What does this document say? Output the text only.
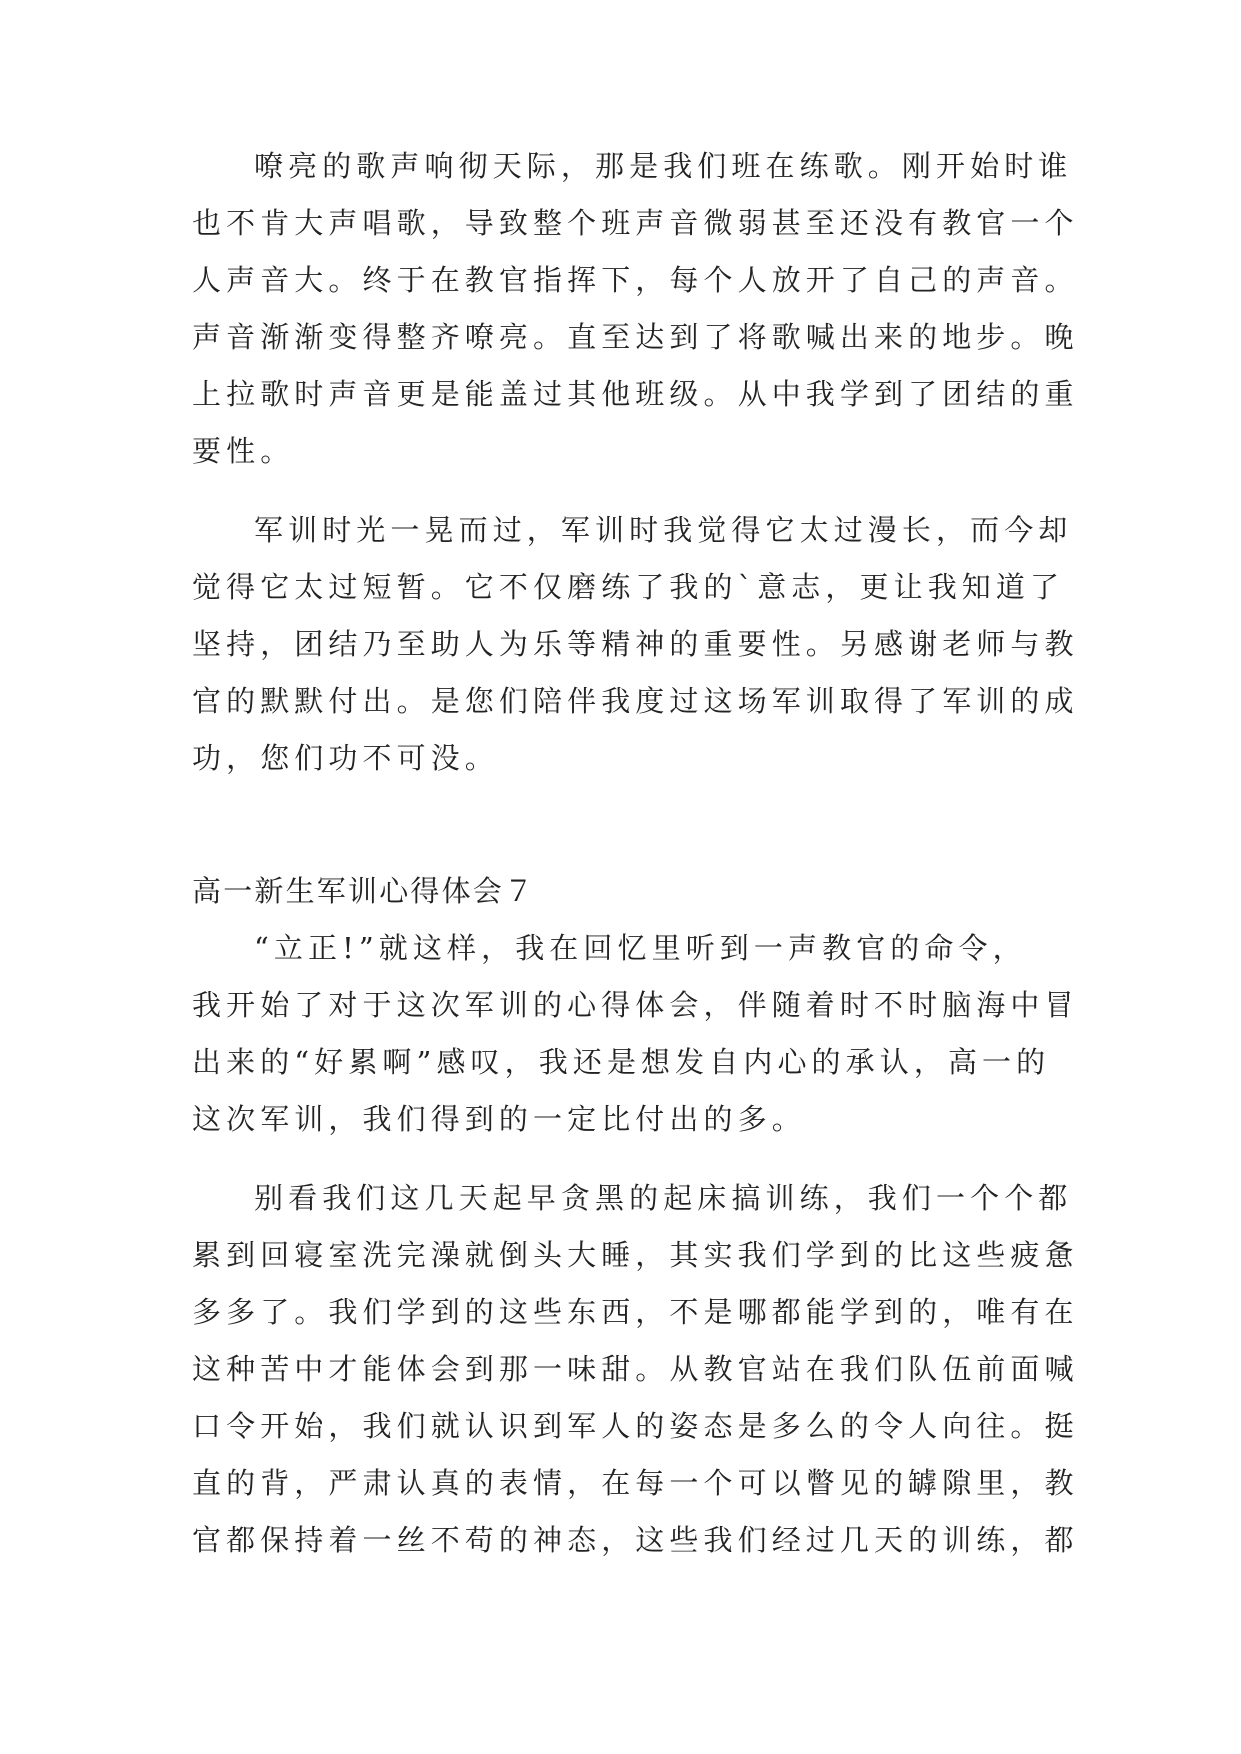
嘹亮的歌声响彻天际，那是我们班在练歌。刚开始时谁
也不肯大声唱歌，导致整个班声音微弱甚至还没有教官一个
人声音大。终于在教官指挥下，每个人放开了自己的声音。
声音渐渐变得整齐嘹亮。直至达到了将歌喊出来的地步。晚
上拉歌时声音更是能盖过其他班级。从中我学到了团结的重
要性。
军训时光一晃而过，军训时我觉得它太过漫长，而今却
觉得它太过短暂。它不仅磨练了我的`意志，更让我知道了
坚持，团结乃至助人为乐等精神的重要性。另感谢老师与教
官的默默付出。是您们陪伴我度过这场军训取得了军训的成
功，您们功不可没。
高一新生军训心得体会７
“立正!”就这样，我在回忆里听到一声教官的命令，
我开始了对于这次军训的心得体会，伴随着时不时脑海中冒
出来的“好累啊”感叹，我还是想发自内心的承认，高一的
这次军训，我们得到的一定比付出的多。
别看我们这几天起早贪黑的起床搞训练，我们一个个都
累到回寝室洗完澡就倒头大睡，其实我们学到的比这些疲惫
多多了。我们学到的这些东西，不是哪都能学到的，唯有在
这种苦中才能体会到那一味甜。从教官站在我们队伍前面喊
口令开始，我们就认识到军人的姿态是多么的令人向往。挺
直的背，严肃认真的表情，在每一个可以瞥见的罅隙里，教
官都保持着一丝不苟的神态，这些我们经过几天的训练，都
